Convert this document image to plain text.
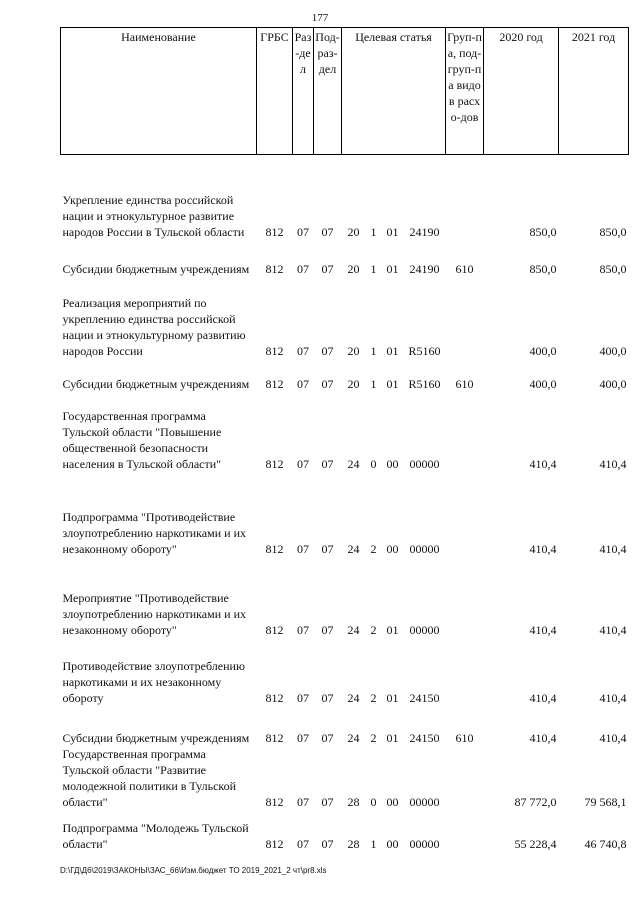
177
Наименование	ГРБС	Раз-дел	Под-раз-дел	Целевая статья				Груп-па, под-груп-па видов расхо-дов	2020 год	2021 год
Укрепление единства российской нации и этнокультурное развитие народов России в Тульской области	812	07	07	20	1	01	24190		850,0	850,0
Субсидии бюджетным учреждениям	812	07	07	20	1	01	24190	610	850,0	850,0
Реализация мероприятий по укреплению единства российской нации и этнокультурному развитию народов России	812	07	07	20	1	01	R5160		400,0	400,0
Субсидии бюджетным учреждениям	812	07	07	20	1	01	R5160	610	400,0	400,0
Государственная программа Тульской области "Повышение общественной безопасности населения в Тульской области"	812	07	07	24	0	00	00000		410,4	410,4
Подпрограмма "Противодействие злоупотреблению наркотиками и их незаконному обороту"	812	07	07	24	2	00	00000		410,4	410,4
Мероприятие "Противодействие злоупотреблению наркотиками и их незаконному обороту"	812	07	07	24	2	01	00000		410,4	410,4
Противодействие злоупотреблению наркотиками и их незаконному обороту	812	07	07	24	2	01	24150		410,4	410,4
Субсидии бюджетным учреждениям	812	07	07	24	2	01	24150	610	410,4	410,4
Государственная программа Тульской области "Развитие молодежной политики в Тульской области"	812	07	07	28	0	00	00000		87 772,0	79 568,1
Подпрограмма "Молодежь Тульской области"	812	07	07	28	1	00	00000		55 228,4	46 740,8
D:\ГД\Д6\2019\ЗАКОНЫ\ЗАС_66\Изм.бюджет ТО 2019_2021_2 чт\pr8.xls
